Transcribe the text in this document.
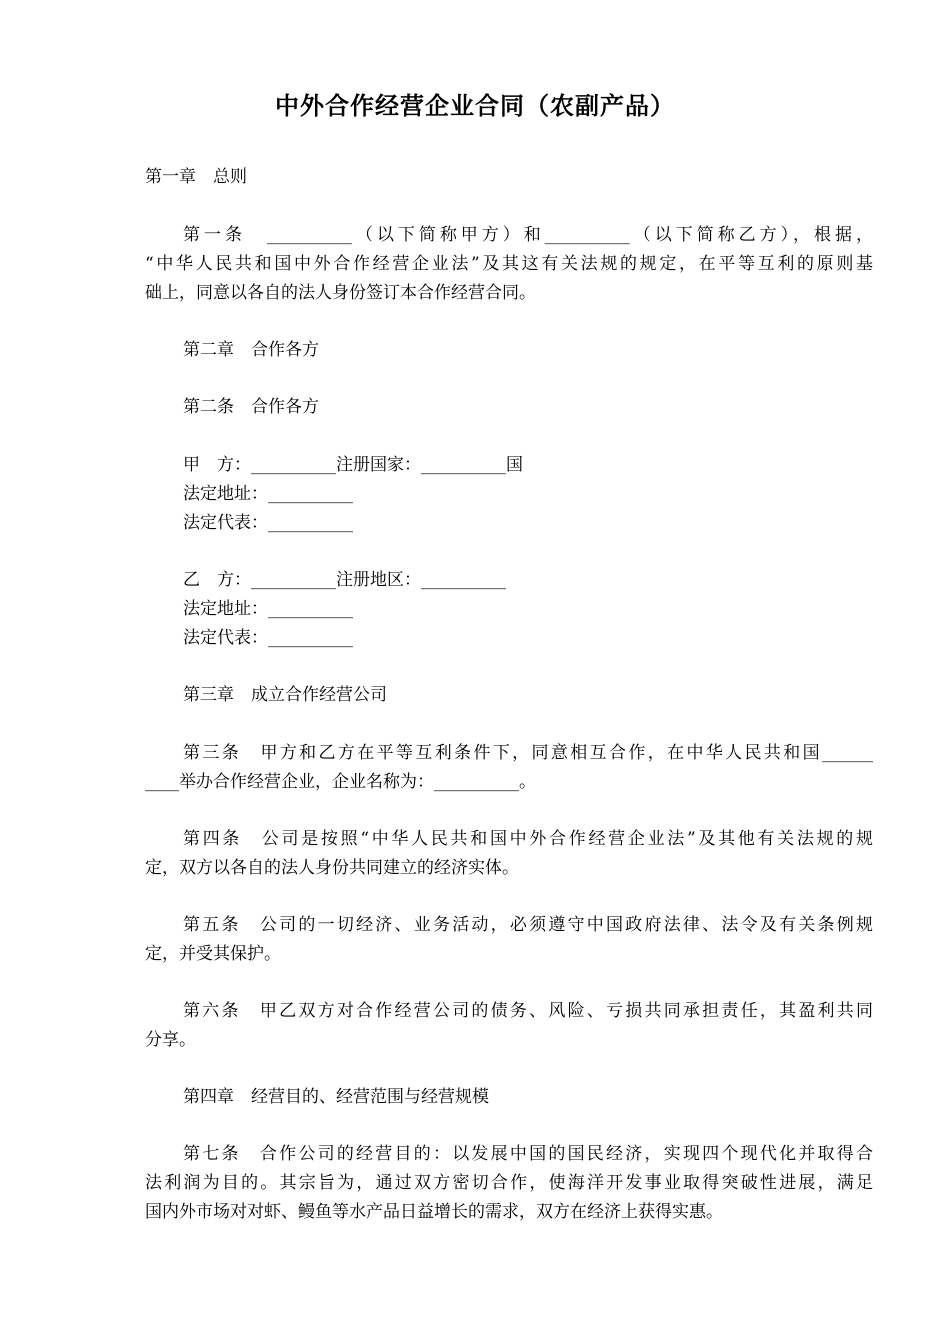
中外合作经营企业合同（农副产品）
第一章　总则
第一条　__________（以下简称甲方）和__________（以下简称乙方），根据，
“中华人民共和国中外合作经营企业法”及其这有关法规的规定，在平等互利的原则基
础上，同意以各自的法人身份签订本合作经营合同。
第二章　合作各方
第二条　合作各方
甲　方：__________注册国家：__________国
法定地址：__________
法定代表：__________
乙　方：__________注册地区：__________
法定地址：__________
法定代表：__________
第三章　成立合作经营公司
第三条　甲方和乙方在平等互利条件下，同意相互合作，在中华人民共和国______
____举办合作经营企业，企业名称为：__________。
第四条　公司是按照“中华人民共和国中外合作经营企业法”及其他有关法规的规
定，双方以各自的法人身份共同建立的经济实体。
第五条　公司的一切经济、业务活动，必须遵守中国政府法律、法令及有关条例规
定，并受其保护。
第六条　甲乙双方对合作经营公司的债务、风险、亏损共同承担责任，其盈利共同
分享。
第四章　经营目的、经营范围与经营规模
第七条　合作公司的经营目的：以发展中国的国民经济，实现四个现代化并取得合
法利润为目的。其宗旨为，通过双方密切合作，使海洋开发事业取得突破性进展，满足
国内外市场对对虾、鳗鱼等水产品日益增长的需求，双方在经济上获得实惠。
